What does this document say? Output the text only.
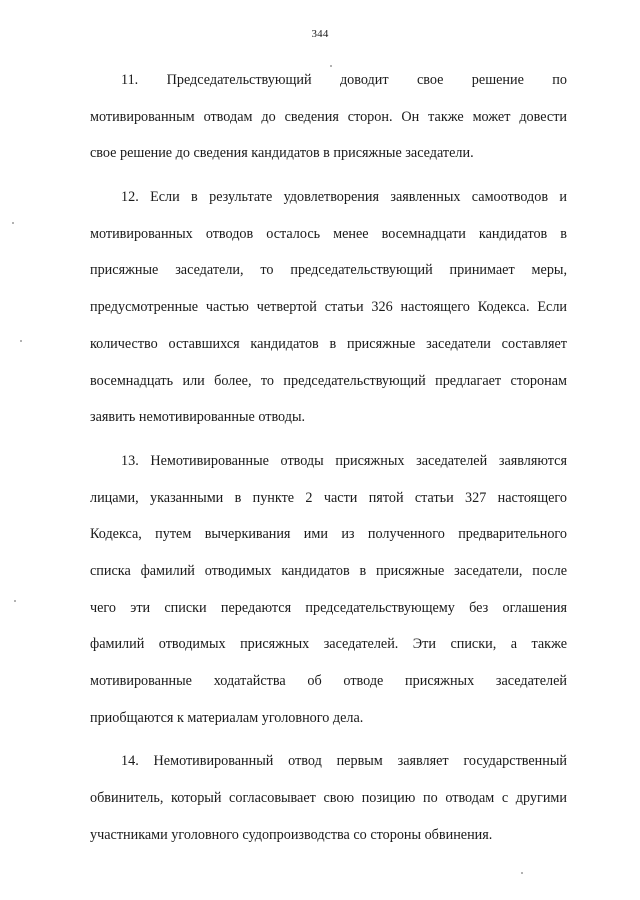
344
11. Председательствующий доводит свое решение по
мотивированным отводам до сведения сторон. Он также может довести
свое решение до сведения кандидатов в присяжные заседатели.
12. Если в результате удовлетворения заявленных самоотводов и
мотивированных отводов осталось менее восемнадцати кандидатов в
присяжные заседатели, то председательствующий принимает меры,
предусмотренные частью четвертой статьи 326 настоящего Кодекса. Если
количество оставшихся кандидатов в присяжные заседатели составляет
восемнадцать или более, то председательствующий предлагает сторонам
заявить немотивированные отводы.
13. Немотивированные отводы присяжных заседателей заявляются
лицами, указанными в пункте 2 части пятой статьи 327 настоящего
Кодекса, путем вычеркивания ими из полученного предварительного
списка фамилий отводимых кандидатов в присяжные заседатели, после
чего эти списки передаются председательствующему без оглашения
фамилий отводимых присяжных заседателей. Эти списки, а также
мотивированные ходатайства об отводе присяжных заседателей
приобщаются к материалам уголовного дела.
14. Немотивированный отвод первым заявляет государственный
обвинитель, который согласовывает свою позицию по отводам с другими
участниками уголовного судопроизводства со стороны обвинения.
